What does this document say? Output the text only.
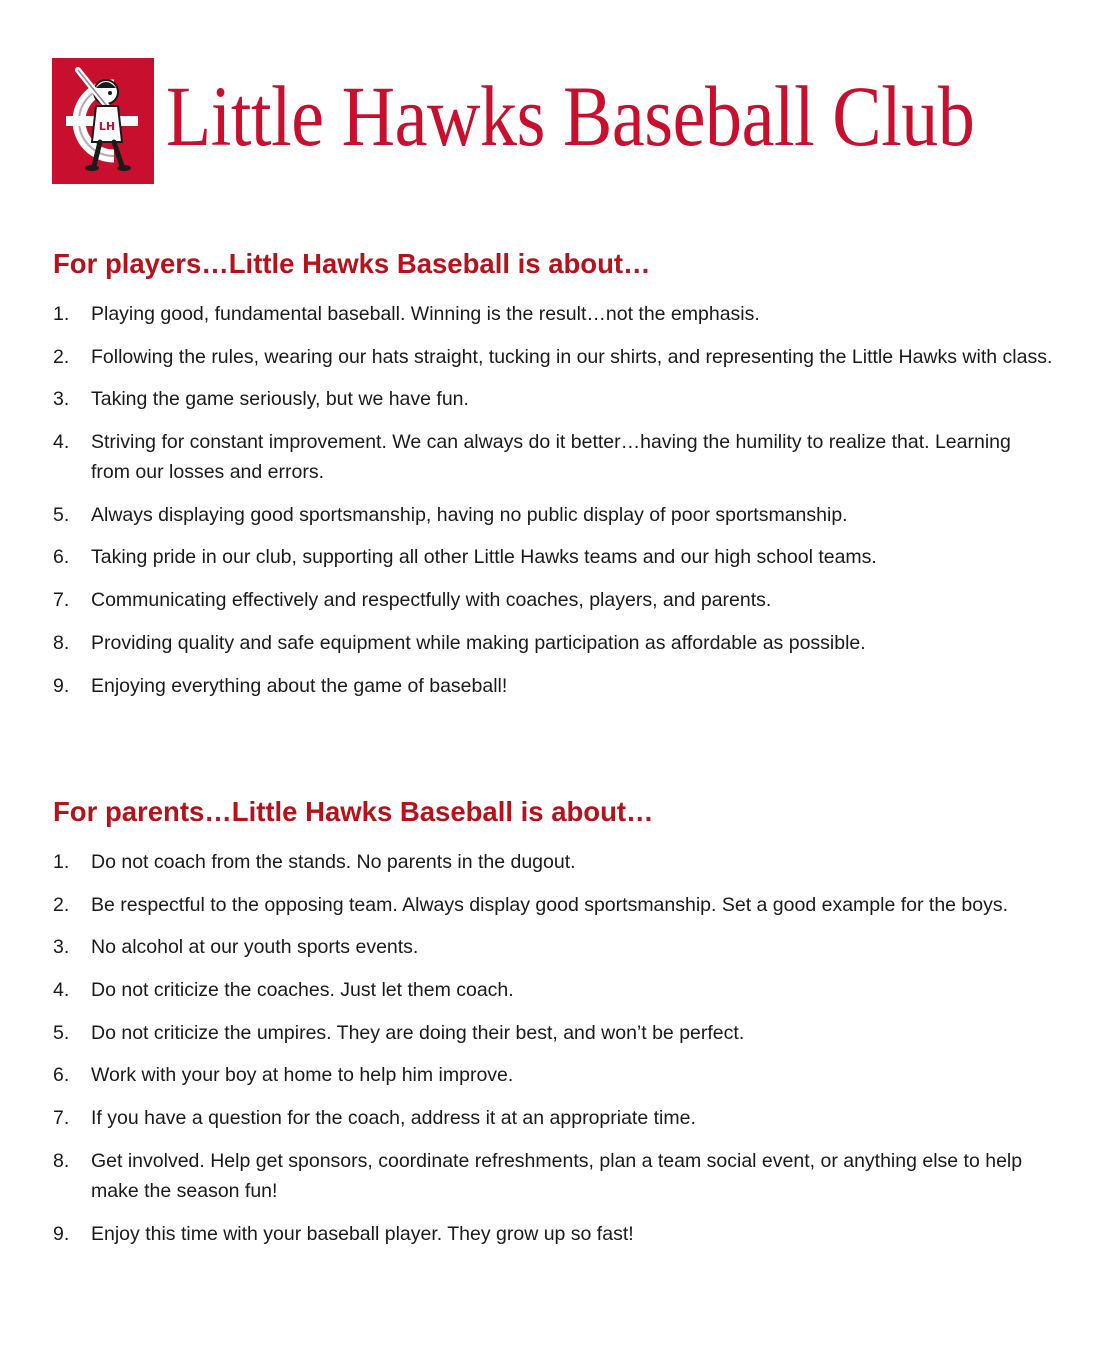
LH Little Hawks Baseball Club
For players…Little Hawks Baseball is about…
1. Playing good, fundamental baseball. Winning is the result…not the emphasis.
2. Following the rules, wearing our hats straight, tucking in our shirts, and representing the Little Hawks with class.
3. Taking the game seriously, but we have fun.
4. Striving for constant improvement. We can always do it better…having the humility to realize that. Learning from our losses and errors.
5. Always displaying good sportsmanship, having no public display of poor sportsmanship.
6. Taking pride in our club, supporting all other Little Hawks teams and our high school teams.
7. Communicating effectively and respectfully with coaches, players, and parents.
8. Providing quality and safe equipment while making participation as affordable as possible.
9. Enjoying everything about the game of baseball!
For parents…Little Hawks Baseball is about…
1. Do not coach from the stands. No parents in the dugout.
2. Be respectful to the opposing team. Always display good sportsmanship. Set a good example for the boys.
3. No alcohol at our youth sports events.
4. Do not criticize the coaches. Just let them coach.
5. Do not criticize the umpires. They are doing their best, and won’t be perfect.
6. Work with your boy at home to help him improve.
7. If you have a question for the coach, address it at an appropriate time.
8. Get involved. Help get sponsors, coordinate refreshments, plan a team social event, or anything else to help make the season fun!
9. Enjoy this time with your baseball player. They grow up so fast!
